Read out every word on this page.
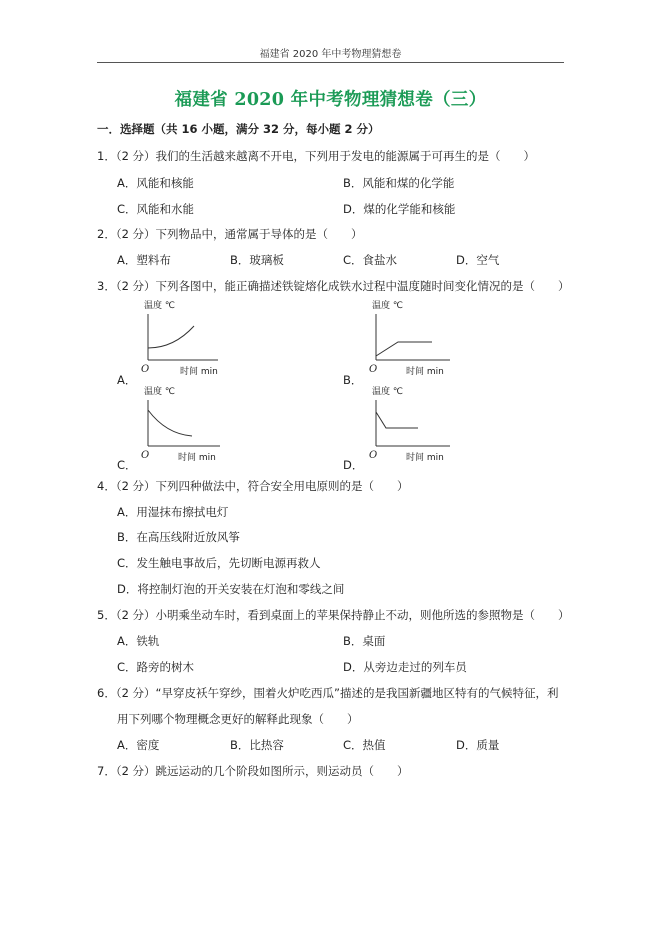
福建省 2020 年中考物理猜想卷
福建省 2020 年中考物理猜想卷（三）
一．选择题（共 16 小题，满分 32 分，每小题 2 分）
1．（2 分）我们的生活越来越离不开电，下列用于发电的能源属于可再生的是（　　）
A．风能和核能	B．风能和煤的化学能
C．风能和水能	D．煤的化学能和核能
2．（2 分）下列物品中，通常属于导体的是（　　）
A．塑料布	B．玻璃板	C．食盐水	D．空气
3．（2 分）下列各图中，能正确描述铁锭熔化成铁水过程中温度随时间变化情况的是（　　）
A．
温度 ℃
O	时间 min
B．
温度 ℃
O	时间 min
C．
温度 ℃
O	时间 min	D．
温度 ℃
O	时间 min
4．（2 分）下列四种做法中，符合安全用电原则的是（　　）
A．用湿抹布擦拭电灯
B．在高压线附近放风筝
C．发生触电事故后，先切断电源再救人
D．将控制灯泡的开关安装在灯泡和零线之间
5．（2 分）小明乘坐动车时，看到桌面上的苹果保持静止不动，则他所选的参照物是（　　）
A．铁轨	B．桌面
C．路旁的树木	D．从旁边走过的列车员
6．（2 分）“早穿皮袄午穿纱，围着火炉吃西瓜”描述的是我国新疆地区特有的气候特征，利
用下列哪个物理概念更好的解释此现象（　　）
A．密度	B．比热容	C．热值	D．质量
7．（2 分）跳远运动的几个阶段如图所示，则运动员（　　）
